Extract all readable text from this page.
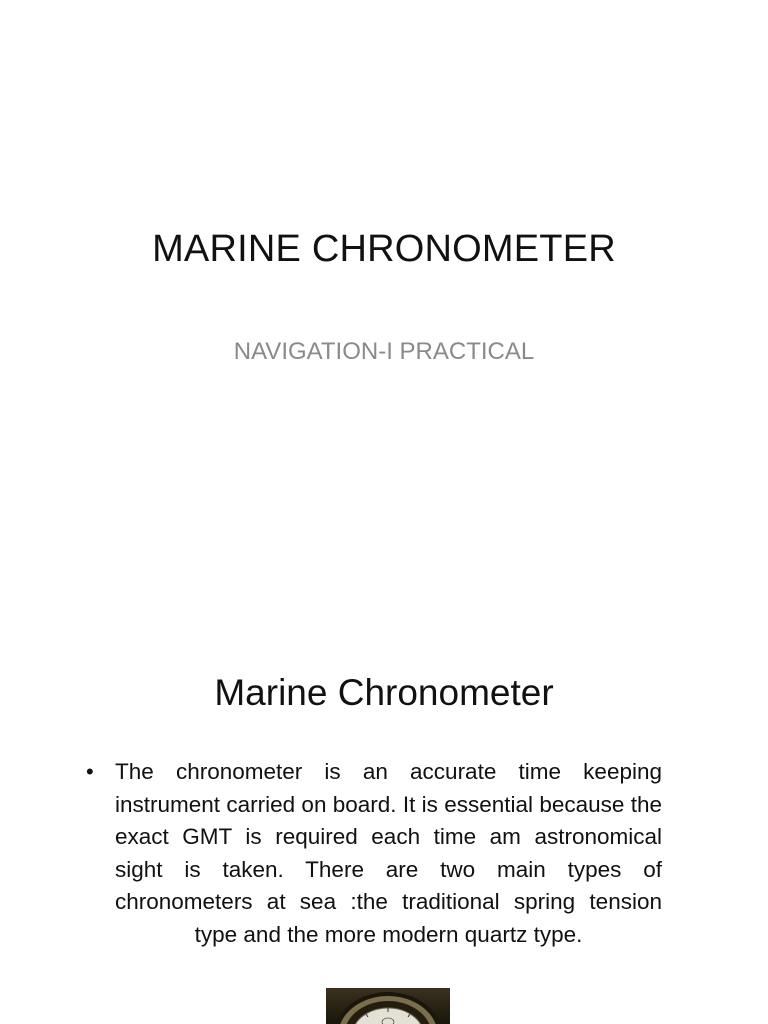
MARINE CHRONOMETER
NAVIGATION-I PRACTICAL
Marine Chronometer
• The chronometer is an accurate time keeping instrument carried on board. It is essential because the exact GMT is required each time am astronomical sight is taken. There are two main types of chronometers at sea :the traditional spring tension type and the more modern quartz type.
